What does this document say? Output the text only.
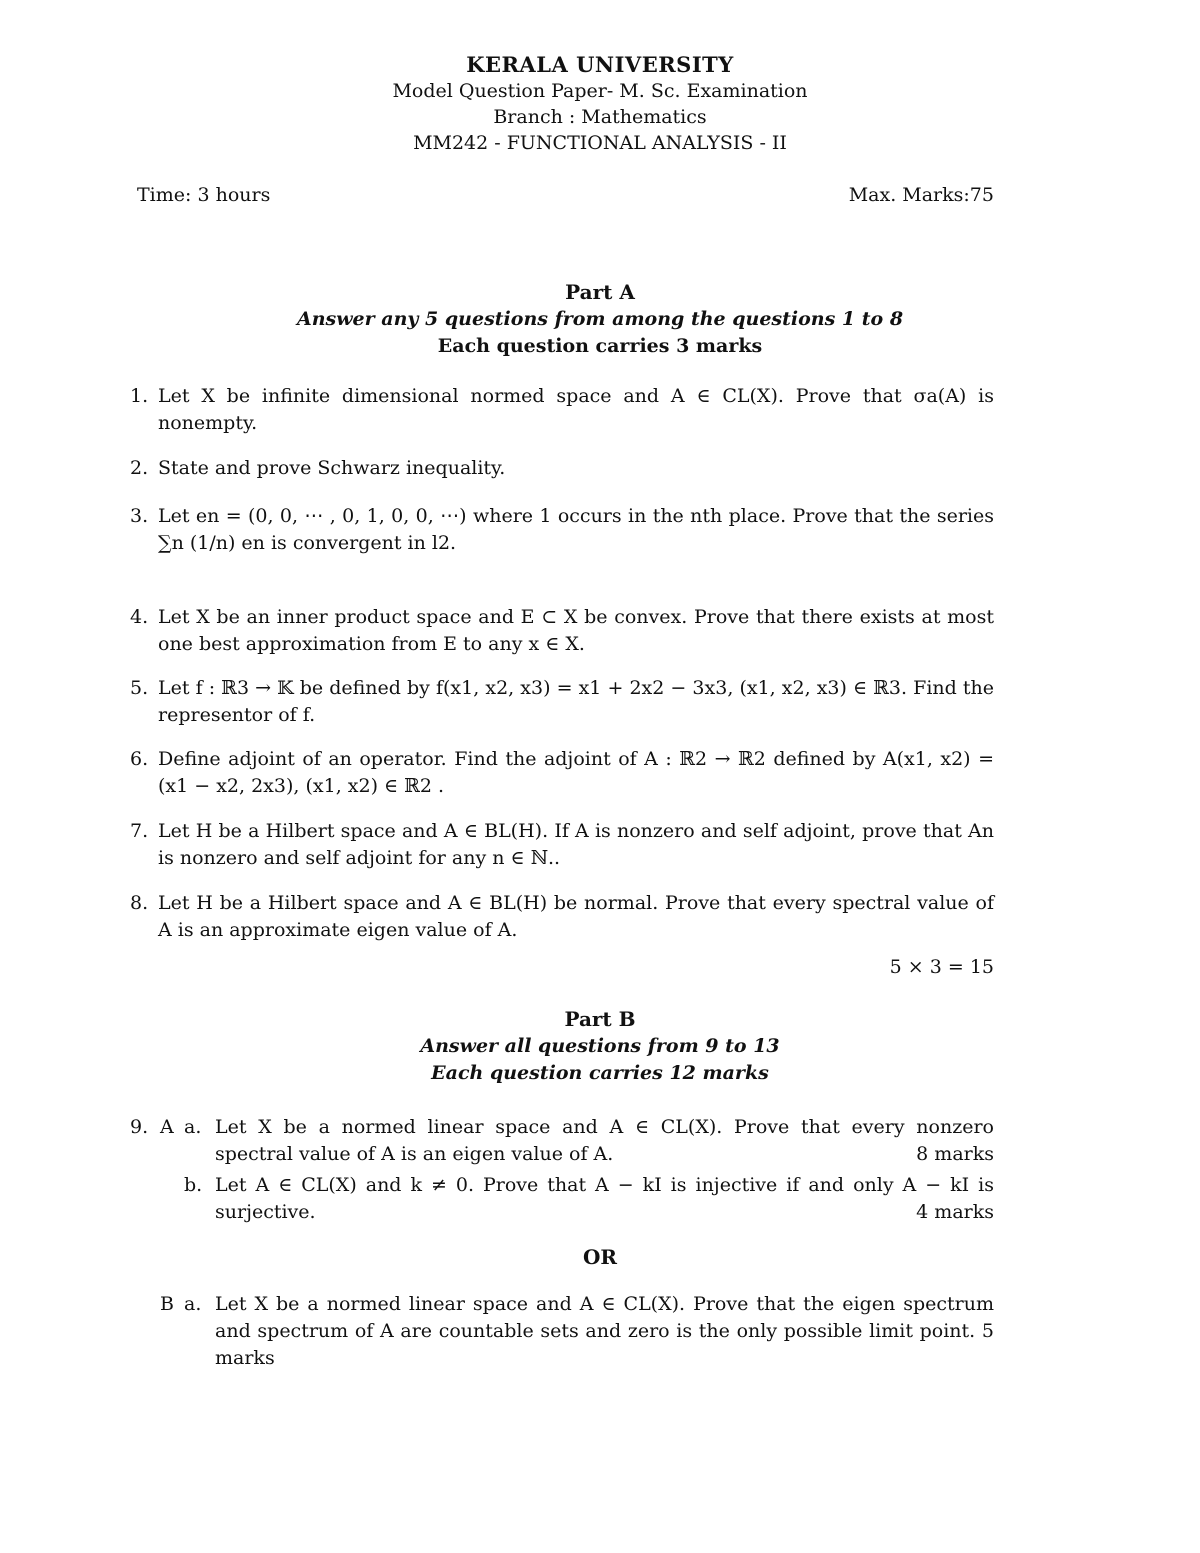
KERALA UNIVERSITY
Model Question Paper- M. Sc. Examination
Branch : Mathematics
MM242 - FUNCTIONAL ANALYSIS - II
Time: 3 hours	Max. Marks:75
Part A
Answer any 5 questions from among the questions 1 to 8
Each question carries 3 marks
1. Let X be infinite dimensional normed space and A ∈ CL(X). Prove that σa(A) is nonempty.
2. State and prove Schwarz inequality.
3. Let en = (0, 0, ⋯ , 0, 1, 0, 0, ⋯) where 1 occurs in the nth place. Prove that the series ∑n (1/n) en is convergent in l2.
4. Let X be an inner product space and E ⊂ X be convex. Prove that there exists at most one best approximation from E to any x ∈ X.
5. Let f : ℝ3 → 𝕂 be defined by f(x1, x2, x3) = x1 + 2x2 − 3x3, (x1, x2, x3) ∈ ℝ3. Find the representor of f.
6. Define adjoint of an operator. Find the adjoint of A : ℝ2 → ℝ2 defined by A(x1, x2) = (x1 − x2, 2x3), (x1, x2) ∈ ℝ2 .
7. Let H be a Hilbert space and A ∈ BL(H). If A is nonzero and self adjoint, prove that An is nonzero and self adjoint for any n ∈ ℕ..
8. Let H be a Hilbert space and A ∈ BL(H) be normal. Prove that every spectral value of A is an approximate eigen value of A.
5 × 3 = 15
Part B
Answer all questions from 9 to 13
Each question carries 12 marks
9. A a. Let X be a normed linear space and A ∈ CL(X). Prove that every nonzero spectral value of A is an eigen value of A.	8 marks
b. Let A ∈ CL(X) and k ≠ 0. Prove that A − kI is injective if and only A − kI is surjective.	4 marks
OR
B a. Let X be a normed linear space and A ∈ CL(X). Prove that the eigen spectrum and spectrum of A are countable sets and zero is the only possible limit point. 5 marks
